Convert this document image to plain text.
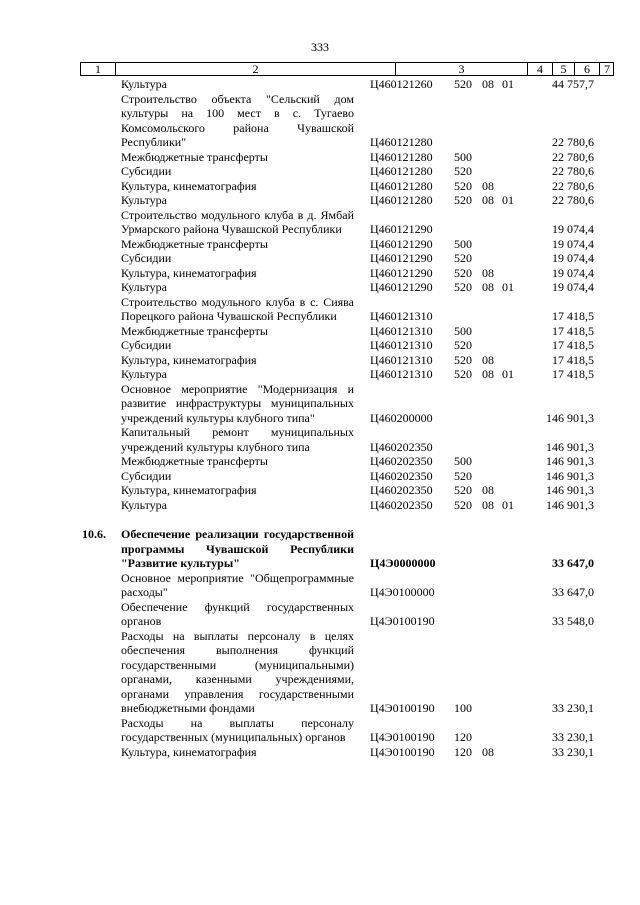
333
1	2	3	4	5	6	7
Культура	Ц460121260 520 08 01	44 757,7
Строительство объекта "Сельский дом культуры на 100 мест в с. Тугаево Комсомольского района Чувашской Республики"	Ц460121280	22 780,6
Межбюджетные трансферты	Ц460121280 500	22 780,6
Субсидии	Ц460121280 520	22 780,6
Культура, кинематография	Ц460121280 520 08	22 780,6
Культура	Ц460121280 520 08 01	22 780,6
Строительство модульного клуба в д. Ямбай Урмарского района Чувашской Республики	Ц460121290	19 074,4
Межбюджетные трансферты	Ц460121290 500	19 074,4
Субсидии	Ц460121290 520	19 074,4
Культура, кинематография	Ц460121290 520 08	19 074,4
Культура	Ц460121290 520 08 01	19 074,4
Строительство модульного клуба в с. Сиява Порецкого района Чувашской Республики	Ц460121310	17 418,5
Межбюджетные трансферты	Ц460121310 500	17 418,5
Субсидии	Ц460121310 520	17 418,5
Культура, кинематография	Ц460121310 520 08	17 418,5
Культура	Ц460121310 520 08 01	17 418,5
Основное мероприятие "Модернизация и развитие инфраструктуры муниципальных учреждений культуры клубного типа"	Ц460200000	146 901,3
Капитальный ремонт муниципальных учреждений культуры клубного типа	Ц460202350	146 901,3
Межбюджетные трансферты	Ц460202350 500	146 901,3
Субсидии	Ц460202350 520	146 901,3
Культура, кинематография	Ц460202350 520 08	146 901,3
Культура	Ц460202350 520 08 01	146 901,3
10.6. Обеспечение реализации государственной программы Чувашской Республики "Развитие культуры"	Ц4Э0000000	33 647,0
Основное мероприятие "Общепрограммные расходы"	Ц4Э0100000	33 647,0
Обеспечение функций государственных органов	Ц4Э0100190	33 548,0
Расходы на выплаты персоналу в целях обеспечения выполнения функций государственными (муниципальными) органами, казенными учреждениями, органами управления государственными внебюджетными фондами	Ц4Э0100190 100	33 230,1
Расходы на выплаты персоналу государственных (муниципальных) органов	Ц4Э0100190 120	33 230,1
Культура, кинематография	Ц4Э0100190 120 08	33 230,1
